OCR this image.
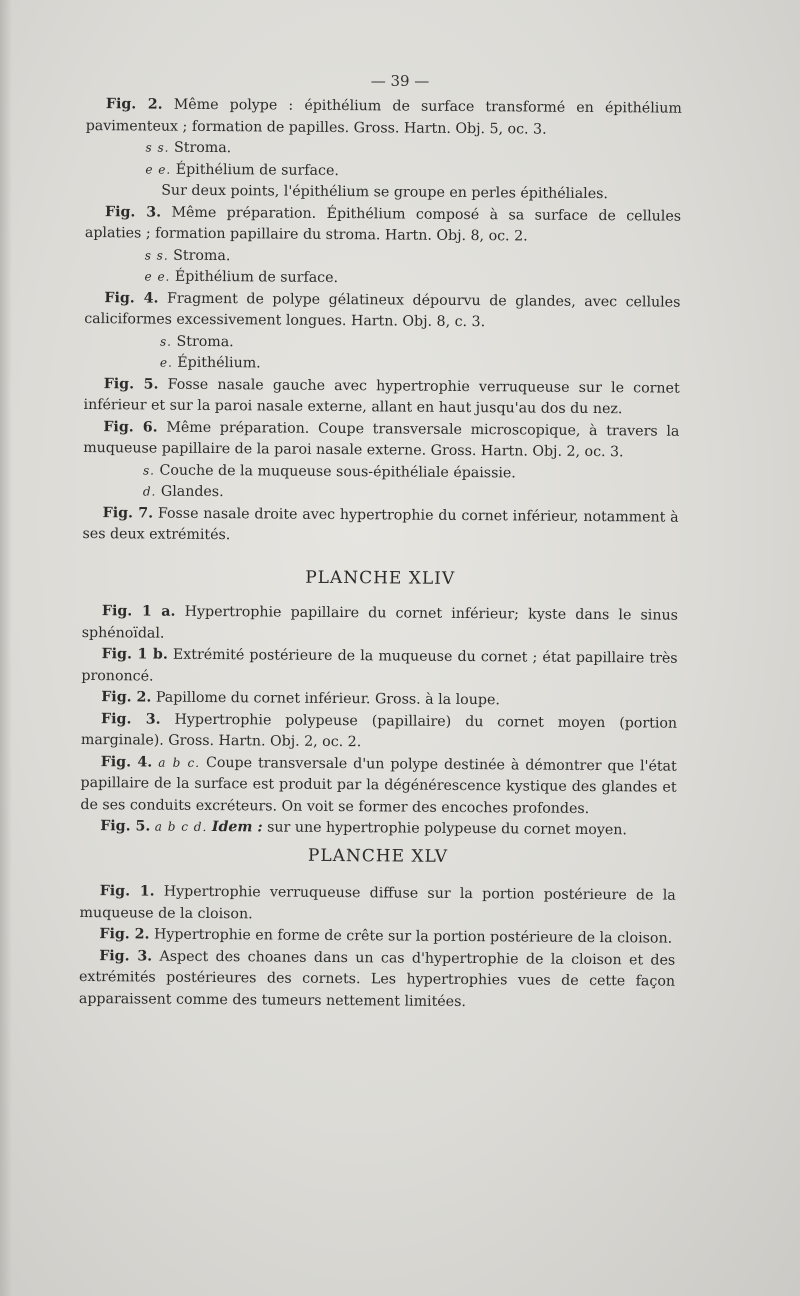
— 39 —

Fig. 2. Même polype : épithélium de surface transformé en épithélium pavimenteux ; formation de papilles. Gross. Hartn. Obj. 5, oc. 3.

s s. Stroma.

e e. Épithélium de surface.

Sur deux points, l'épithélium se groupe en perles épithéliales.

Fig. 3. Même préparation. Épithélium composé à sa surface de cellules aplaties ; formation papillaire du stroma. Hartn. Obj. 8, oc. 2.

s s. Stroma.

e e. Épithélium de surface.

Fig. 4. Fragment de polype gélatineux dépourvu de glandes, avec cellules caliciformes excessivement longues. Hartn. Obj. 8, c. 3.

s. Stroma.

e. Épithélium.

Fig. 5. Fosse nasale gauche avec hypertrophie verruqueuse sur le cornet inférieur et sur la paroi nasale externe, allant en haut jusqu'au dos du nez.

Fig. 6. Même préparation. Coupe transversale microscopique, à travers la muqueuse papillaire de la paroi nasale externe. Gross. Hartn. Obj. 2, oc. 3.

s. Couche de la muqueuse sous-épithéliale épaissie.

d. Glandes.

Fig. 7. Fosse nasale droite avec hypertrophie du cornet inférieur, notamment à ses deux extrémités.

PLANCHE XLIV

Fig. 1 a. Hypertrophie papillaire du cornet inférieur; kyste dans le sinus sphénoïdal.

Fig. 1 b. Extrémité postérieure de la muqueuse du cornet ; état papillaire très prononcé.

Fig. 2. Papillome du cornet inférieur. Gross. à la loupe.

Fig. 3. Hypertrophie polypeuse (papillaire) du cornet moyen (portion marginale). Gross. Hartn. Obj. 2, oc. 2.

Fig. 4. a b c. Coupe transversale d'un polype destinée à démontrer que l'état papillaire de la surface est produit par la dégénérescence kystique des glandes et de ses conduits excréteurs. On voit se former des encoches profondes.

Fig. 5. a b c d. Idem : sur une hypertrophie polypeuse du cornet moyen.

PLANCHE XLV

Fig. 1. Hypertrophie verruqueuse diffuse sur la portion postérieure de la muqueuse de la cloison.

Fig. 2. Hypertrophie en forme de crête sur la portion postérieure de la cloison.

Fig. 3. Aspect des choanes dans un cas d'hypertrophie de la cloison et des extrémités postérieures des cornets. Les hypertrophies vues de cette façon apparaissent comme des tumeurs nettement limitées.
